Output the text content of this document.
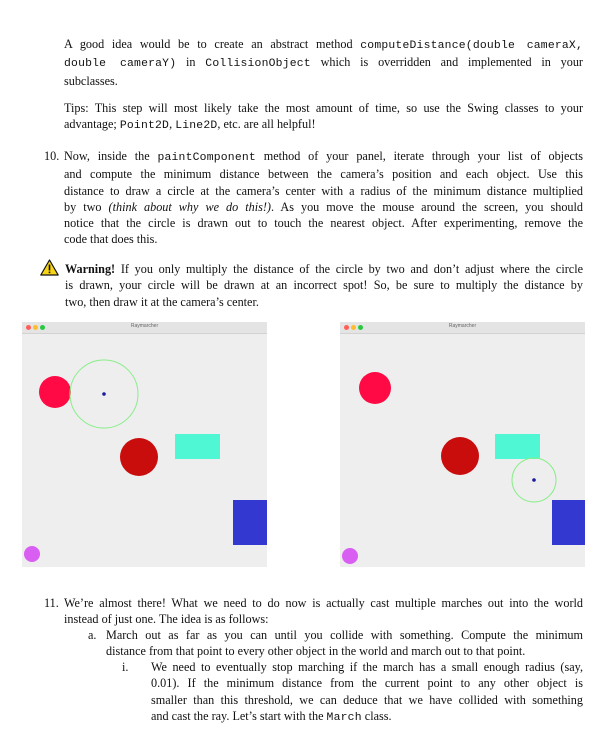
A good idea would be to create an abstract method computeDistance(double cameraX,
double cameraY) in CollisionObject which is overridden and implemented in your
subclasses.
Tips: This step will most likely take the most amount of time, so use the Swing classes to your
advantage; Point2D, Line2D, etc. are all helpful!
10. Now, inside the paintComponent method of your panel, iterate through your list of objects
and compute the minimum distance between the camera’s position and each object. Use this
distance to draw a circle at the camera’s center with a radius of the minimum distance multiplied
by two (think about why we do this!). As you move the mouse around the screen, you should
notice that the circle is drawn out to touch the nearest object. After experimenting, remove the
code that does this.
Warning! If you only multiply the distance of the circle by two and don’t adjust where the circle
is drawn, your circle will be drawn at an incorrect spot! So, be sure to multiply the distance by
two, then draw it at the camera’s center.
Raymarcher	Raymarcher
11. We’re almost there! What we need to do now is actually cast multiple marches out into the world
instead of just one. The idea is as follows:
a. March out as far as you can until you collide with something. Compute the minimum
distance from that point to every other object in the world and march out to that point.
i. We need to eventually stop marching if the march has a small enough radius (say,
0.01). If the minimum distance from the current point to any other object is
smaller than this threshold, we can deduce that we have collided with something
and cast the ray. Let’s start with the March class.
